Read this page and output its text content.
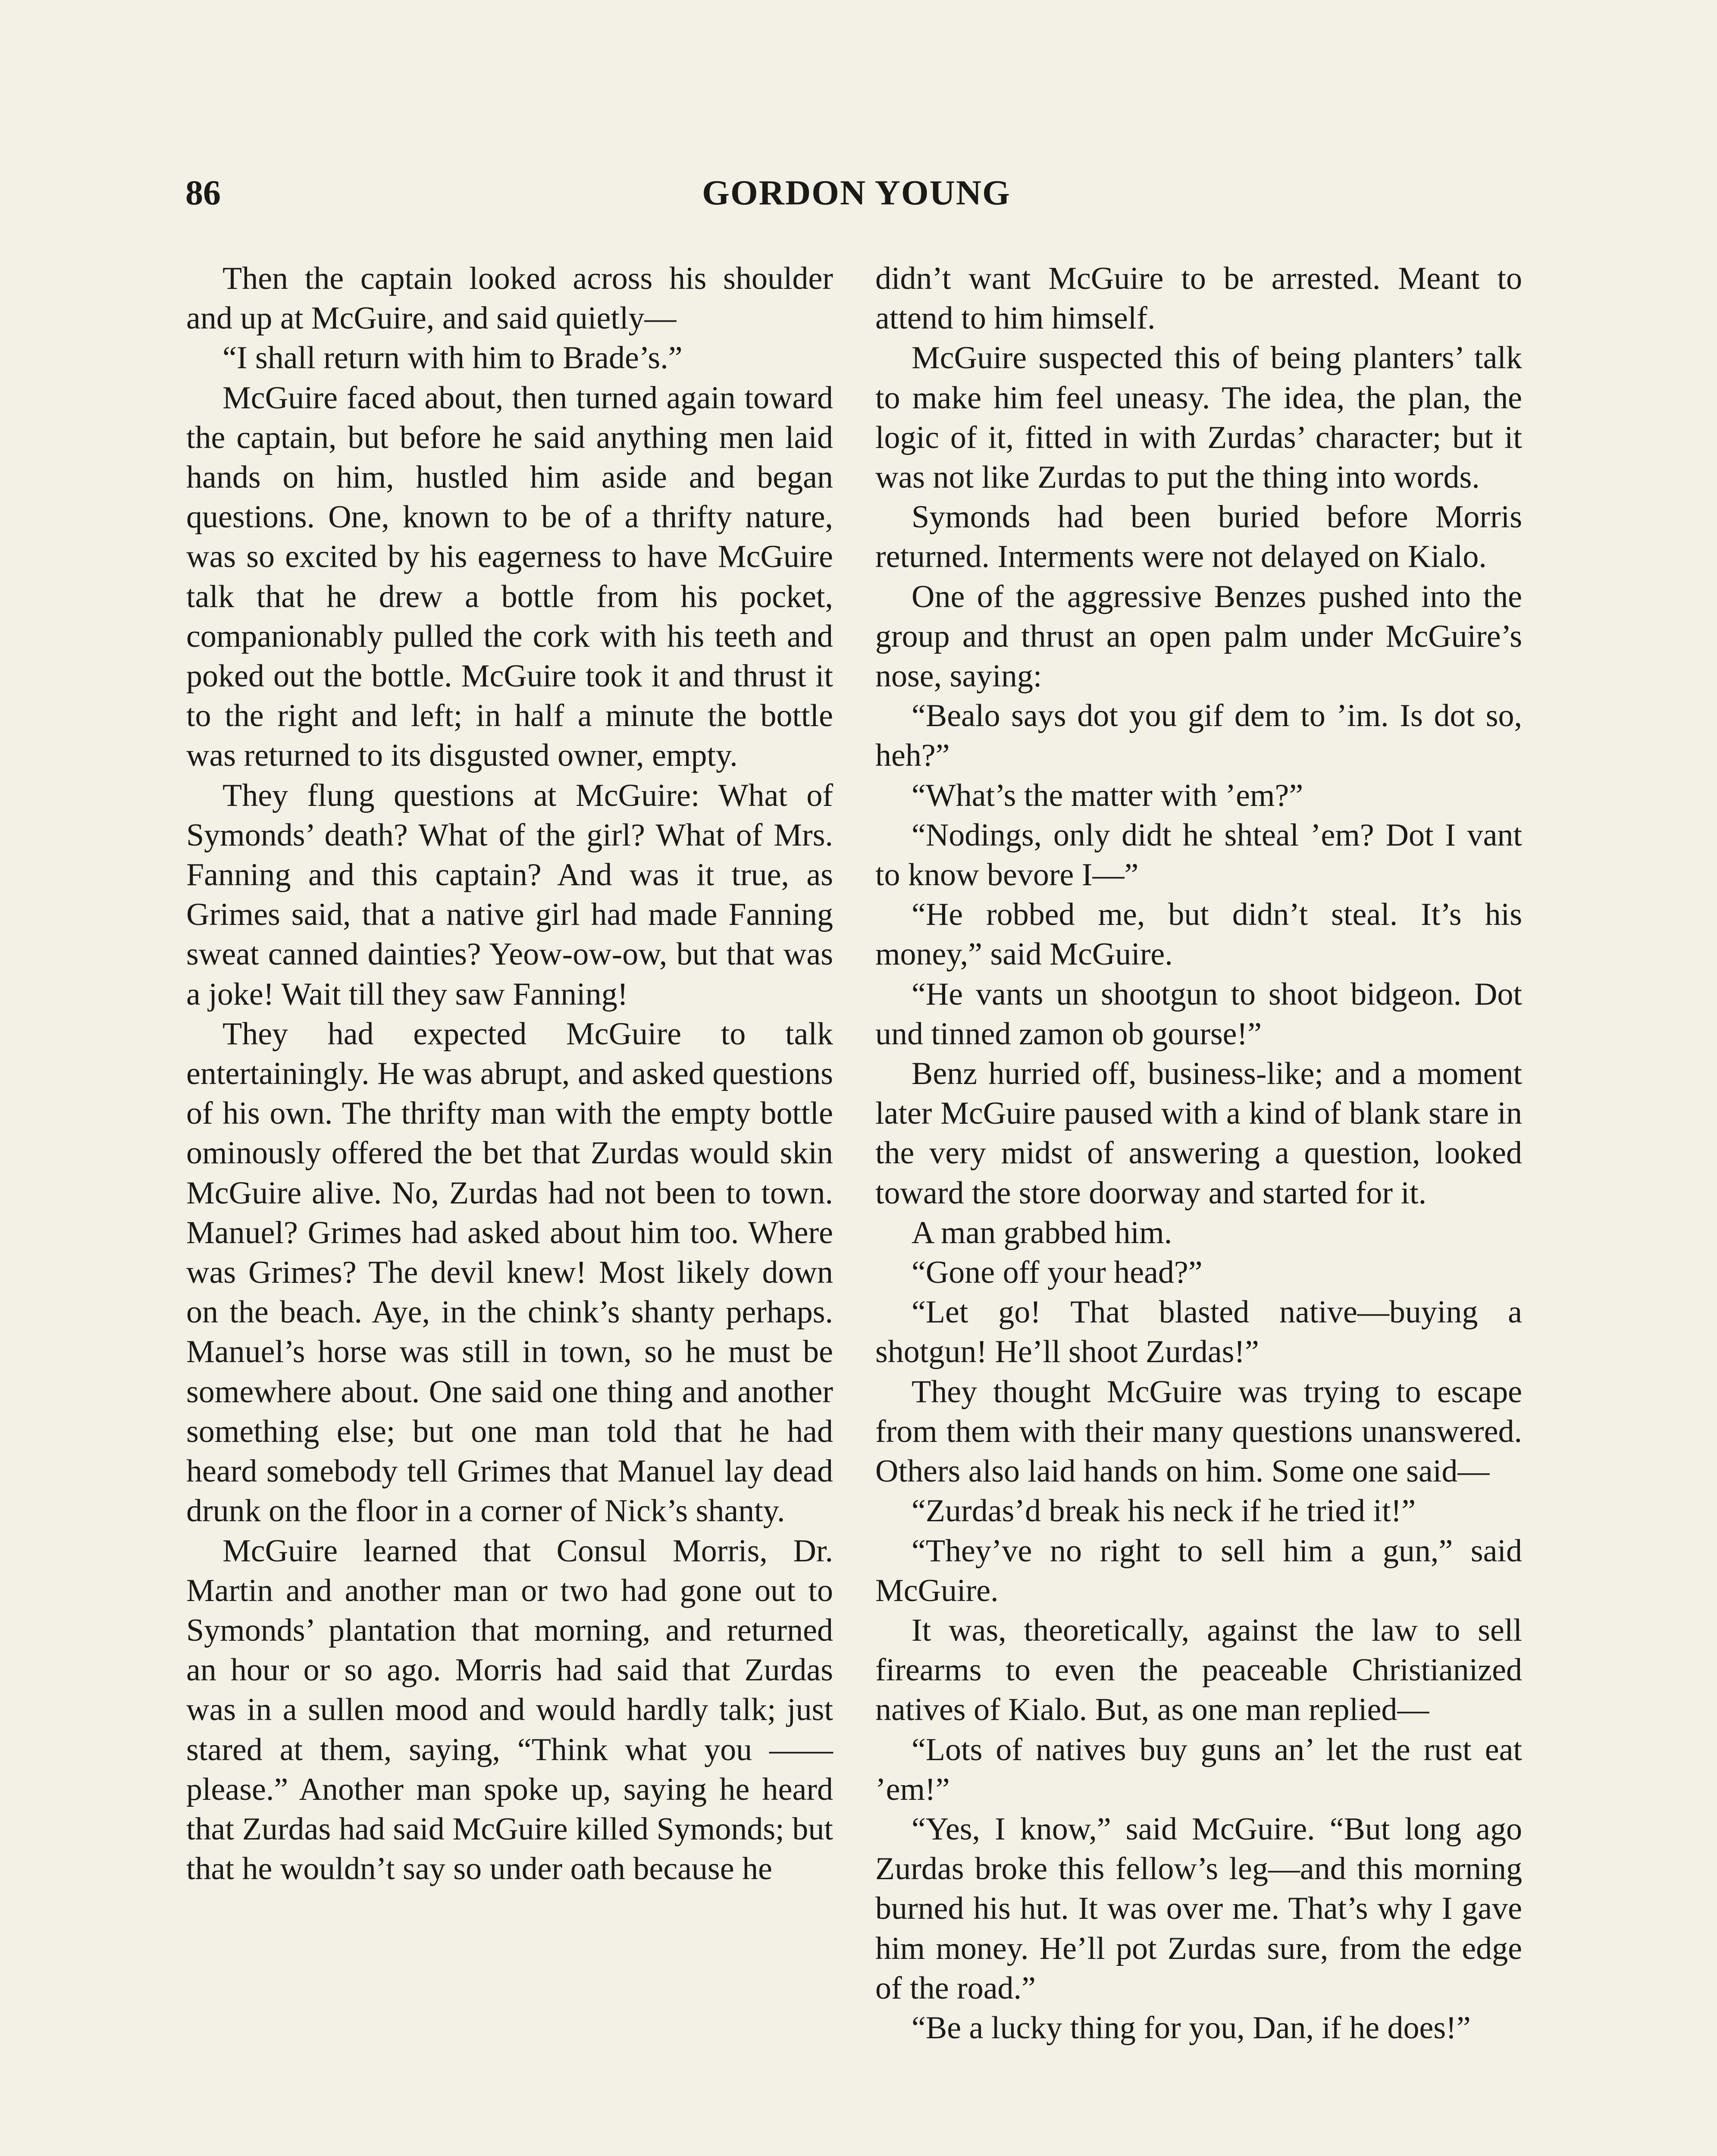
86	GORDON YOUNG

Then the captain looked across his shoulder and up at McGuire, and said quietly—

“I shall return with him to Brade’s.”

McGuire faced about, then turned again toward the captain, but before he said anything men laid hands on him, hustled him aside and began questions. One, known to be of a thrifty nature, was so excited by his eagerness to have McGuire talk that he drew a bottle from his pocket, companionably pulled the cork with his teeth and poked out the bottle. McGuire took it and thrust it to the right and left; in half a minute the bottle was returned to its disgusted owner, empty.

They flung questions at McGuire: What of Symonds’ death? What of the girl? What of Mrs. Fanning and this captain? And was it true, as Grimes said, that a native girl had made Fanning sweat canned dainties? Yeow-ow-ow, but that was a joke! Wait till they saw Fanning!

They had expected McGuire to talk entertainingly. He was abrupt, and asked questions of his own. The thrifty man with the empty bottle ominously offered the bet that Zurdas would skin McGuire alive. No, Zurdas had not been to town. Manuel? Grimes had asked about him too. Where was Grimes? The devil knew! Most likely down on the beach. Aye, in the chink’s shanty perhaps. Manuel’s horse was still in town, so he must be somewhere about. One said one thing and another something else; but one man told that he had heard somebody tell Grimes that Manuel lay dead drunk on the floor in a corner of Nick’s shanty.

McGuire learned that Consul Morris, Dr. Martin and another man or two had gone out to Symonds’ plantation that morning, and returned an hour or so ago. Morris had said that Zurdas was in a sullen mood and would hardly talk; just stared at them, saying, “Think what you —— please.” Another man spoke up, saying he heard that Zurdas had said McGuire killed Symonds; but that he wouldn’t say so under oath because he

didn’t want McGuire to be arrested. Meant to attend to him himself.

McGuire suspected this of being planters’ talk to make him feel uneasy. The idea, the plan, the logic of it, fitted in with Zurdas’ character; but it was not like Zurdas to put the thing into words.

Symonds had been buried before Morris returned. Interments were not delayed on Kialo.

One of the aggressive Benzes pushed into the group and thrust an open palm under McGuire’s nose, saying:

“Bealo says dot you gif dem to ’im. Is dot so, heh?”

“What’s the matter with ’em?”

“Nodings, only didt he shteal ’em? Dot I vant to know bevore I—”

“He robbed me, but didn’t steal. It’s his money,” said McGuire.

“He vants un shootgun to shoot bidgeon. Dot und tinned zamon ob gourse!”

Benz hurried off, business-like; and a moment later McGuire paused with a kind of blank stare in the very midst of answering a question, looked toward the store doorway and started for it.

A man grabbed him.

“Gone off your head?”

“Let go! That blasted native—buying a shotgun! He’ll shoot Zurdas!”

They thought McGuire was trying to escape from them with their many questions unanswered. Others also laid hands on him. Some one said—

“Zurdas’d break his neck if he tried it!”

“They’ve no right to sell him a gun,” said McGuire.

It was, theoretically, against the law to sell firearms to even the peaceable Christianized natives of Kialo. But, as one man replied—

“Lots of natives buy guns an’ let the rust eat ’em!”

“Yes, I know,” said McGuire. “But long ago Zurdas broke this fellow’s leg—and this morning burned his hut. It was over me. That’s why I gave him money. He’ll pot Zurdas sure, from the edge of the road.”

“Be a lucky thing for you, Dan, if he does!”
